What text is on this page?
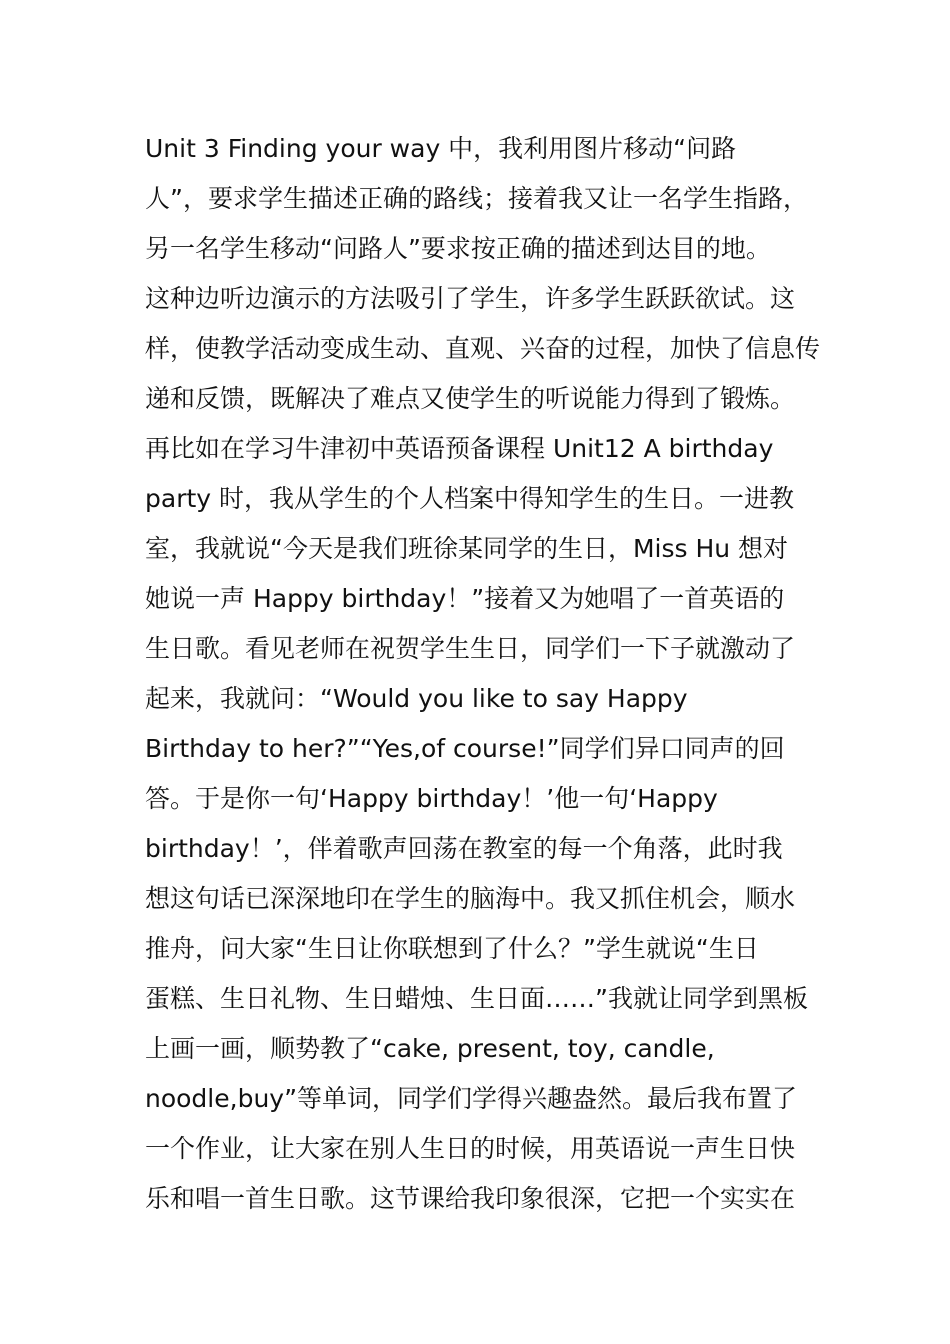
Unit 3 Finding your way 中，我利用图片移动“问路
人”，要求学生描述正确的路线；接着我又让一名学生指路，
另一名学生移动“问路人”要求按正确的描述到达目的地。
这种边听边演示的方法吸引了学生，许多学生跃跃欲试。这
样，使教学活动变成生动、直观、兴奋的过程，加快了信息传
递和反馈，既解决了难点又使学生的听说能力得到了锻炼。
再比如在学习牛津初中英语预备课程 Unit12 A birthday
party 时，我从学生的个人档案中得知学生的生日。一进教
室，我就说“今天是我们班徐某同学的生日，Miss Hu 想对
她说一声 Happy birthday！”接着又为她唱了一首英语的
生日歌。看见老师在祝贺学生生日，同学们一下子就激动了
起来，我就问：“Would you like to say Happy
Birthday to her?”“Yes,of course!”同学们异口同声的回
答。于是你一句‘Happy birthday！’他一句‘Happy
birthday！’，伴着歌声回荡在教室的每一个角落，此时我
想这句话已深深地印在学生的脑海中。我又抓住机会，顺水
推舟，问大家“生日让你联想到了什么？”学生就说“生日
蛋糕、生日礼物、生日蜡烛、生日面……”我就让同学到黑板
上画一画，顺势教了“cake, present, toy, candle,
noodle,buy”等单词，同学们学得兴趣盎然。最后我布置了
一个作业，让大家在别人生日的时候，用英语说一声生日快
乐和唱一首生日歌。这节课给我印象很深，它把一个实实在
